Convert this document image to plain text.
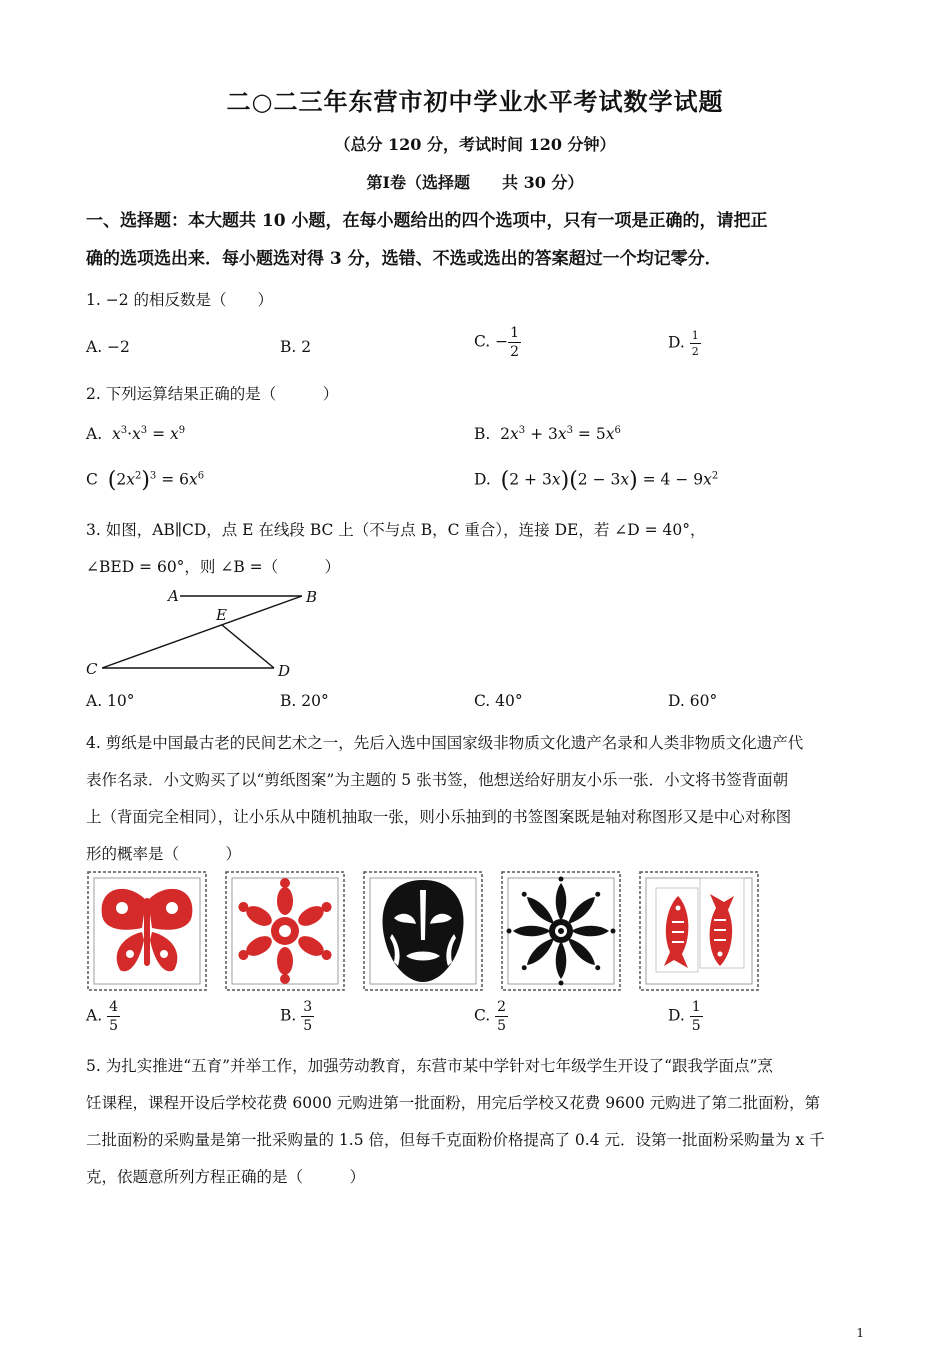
二○二三年东营市初中学业水平考试数学试题
（总分 120 分，考试时间 120 分钟）
第Ⅰ卷（选择题　　共 30 分）
一、选择题：本大题共 10 小题，在每小题给出的四个选项中，只有一项是正确的，请把正
确的选项选出来．每小题选对得 3 分，选错、不选或选出的答案超过一个均记零分．
1. −2 的相反数是（　　）
A. −2	B. 2	C. − $\frac{1}{2}$	D. $\frac{1}{2}$
2. 下列运算结果正确的是（　　　）
A. $x^3\cdot x^3 = x^9$	B.  $2x^3 + 3x^3 = 5x^6$
C $(2x^2)^3 = 6x^6$	D. $(2 + 3x)(2 - 3x) = 4 - 9x^2$
3. 如图，AB∥CD，点 E 在线段 BC 上（不与点 B，C 重合），连接 DE，若 ∠D = 40°，
∠BED = 60°，则 ∠B =（　　　）
A	B
E
C	D
A. 10°	B. 20°	C. 40°	D. 60°
4. 剪纸是中国最古老的民间艺术之一，先后入选中国国家级非物质文化遗产名录和人类非物质文化遗产代
表作名录．小文购买了以“剪纸图案”为主题的 5 张书签，他想送给好朋友小乐一张．小文将书签背面朝
上（背面完全相同），让小乐从中随机抽取一张，则小乐抽到的书签图案既是轴对称图形又是中心对称图
形的概率是（　　　）
A. $\frac{4}{5}$	B. $\frac{3}{5}$	C. $\frac{2}{5}$	D. $\frac{1}{5}$
5. 为扎实推进“五育”并举工作，加强劳动教育，东营市某中学针对七年级学生开设了“跟我学面点”烹
饪课程，课程开设后学校花费 6000 元购进第一批面粉，用完后学校又花费 9600 元购进了第二批面粉，第
二批面粉的采购量是第一批采购量的 1.5 倍，但每千克面粉价格提高了 0.4 元．设第一批面粉采购量为 x 千
克，依题意所列方程正确的是（　　　）
1
